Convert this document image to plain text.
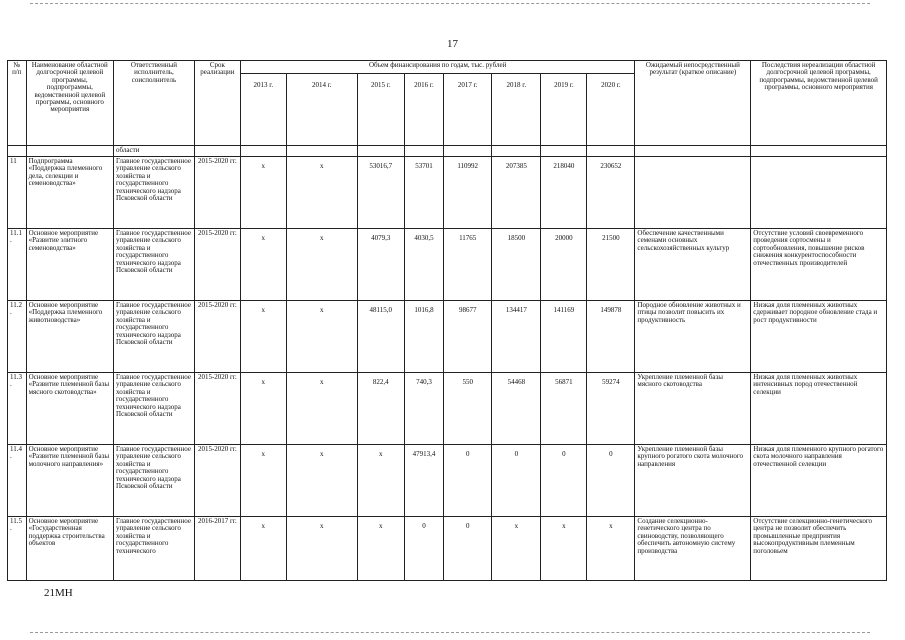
17
№ п/п	Наименование областной долгосрочной целевой программы, подпрограммы, ведомственной целевой программы, основного мероприятия	Ответственный исполнитель, соисполнитель	Срок реализации	Объем финансирования по годам, тыс. рублей								Ожидаемый непосредственный результат (краткое описание)	Последствия нереализации областной долгосрочной целевой программы, подпрограммы, ведомственной целевой программы, основного мероприятия
				2013 г.	2014 г.	2015 г.	2016 г.	2017 г.	2018 г.	2019 г.	2020 г.		
		области											
11	Подпрограмма «Поддержка племенного дела, селекции и семеноводства»	Главное государственное управление сельского хозяйства и государственного технического надзора Псковской области	2015-2020 гг.	х	х	53016,7	53701	110992	207385	218040	230652		
11.1.	Основное мероприятие «Развитие элитного семеноводства»	Главное государственное управление сельского хозяйства и государственного технического надзора Псковской области	2015-2020 гг.	х	х	4079,3	4030,5	11765	18500	20000	21500	Обеспечение качественными семенами основных сельскохозяйственных культур	Отсутствие условий своевременного проведения сортосмены и сортообновления, повышение рисков снижения конкурентоспособности отечественных производителей
11.2.	Основное мероприятие «Поддержка племенного животноводства»	Главное государственное управление сельского хозяйства и государственного технического надзора Псковской области	2015-2020 гг.	х	х	48115,0	1016,8	98677	134417	141169	149878	Породное обновление животных и птицы позволит повысить их продуктивность	Низкая доля племенных животных сдерживает породное обновление стада и рост продуктивности
11.3.	Основное мероприятие «Развитие племенной базы мясного скотоводства»	Главное государственное управление сельского хозяйства и государственного технического надзора Псковской области	2015-2020 гг.	х	х	822,4	740,3	550	54468	56871	59274	Укрепление племенной базы мясного скотоводства	Низкая доля племенных животных интенсивных пород отечественной селекции
11.4.	Основное мероприятие «Развитие племенной базы молочного направления»	Главное государственное управление сельского хозяйства и государственного технического надзора Псковской области	2015-2020 гг.	х	х	х	47913,4	0	0	0	0	Укрепление племенной базы крупного рогатого скота молочного направления	Низкая доля племенного крупного рогатого скота молочного направления отечественной селекции
11.5.	Основное мероприятие «Государственная поддержка строительства объектов	Главное государственное управление сельского хозяйства и государственного технического	2016-2017 гг.	х	х	х	0	0	х	х	х	Создание селекционно-генетического центра по свиноводству, позволяющего обеспечить автономную систему производства	Отсутствие селекционно-генетического центра не позволит обеспечить промышленные предприятия высокопродуктивным племенным поголовьем
21МН
